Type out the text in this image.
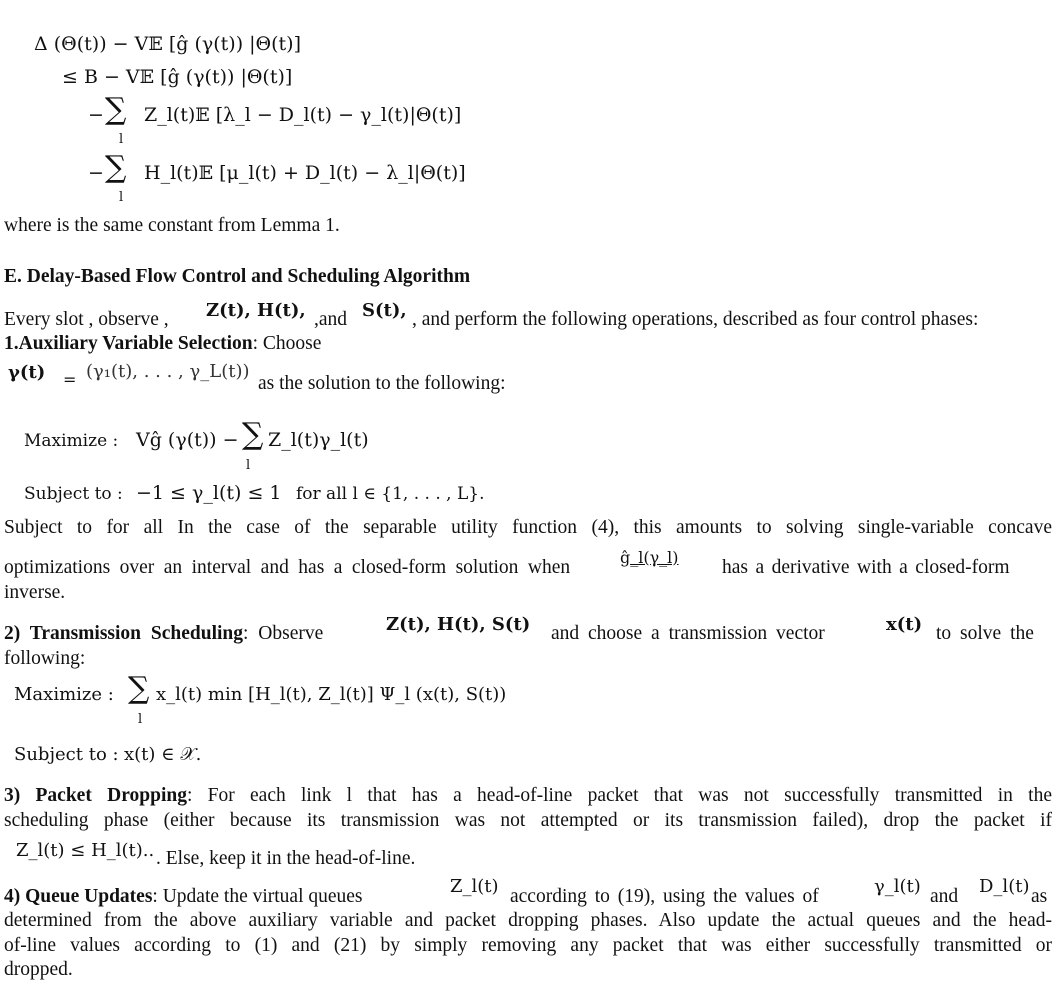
Δ (Θ(t)) − V𝔼 [ĝ (γ(t)) |Θ(t)]
≤ B − V𝔼 [ĝ (γ(t)) |Θ(t)]
− ∑
l
Z_l(t)𝔼 [λ_l − D_l(t) − γ_l(t)|Θ(t)]
− ∑
l
H_l(t)𝔼 [μ_l(t) + D_l(t) − λ_l|Θ(t)]
where is the same constant from Lemma 1.
E. Delay-Based Flow Control and Scheduling Algorithm
Every slot , observe , Z(t), H(t), ,and S(t), , and perform the following operations, described as four control phases:
1.Auxiliary Variable Selection: Choose
γ(t) = (γ₁(t), . . . , γ_L(t))
as the solution to the following:
Maximize : Vĝ (γ(t)) − ∑
l
Z_l(t)γ_l(t)
Subject to : −1 ≤ γ_l(t) ≤ 1 for all l ∈ {1, . . . , L}.
Subject to for all In the case of the separable utility function (4), this amounts to solving single-variable concave
optimizations over an interval and has a closed-form solution when	ĝ_l(γ_l) has a derivative with a closed-form
inverse.
2) Transmission Scheduling: Observe	Z(t), H(t), S(t) and choose a transmission vector	x(t) to solve the
following:
Maximize : ∑
l
x_l(t) min [H_l(t), Z_l(t)] Ψ_l (x(t), S(t))
Subject to : x(t) ∈ 𝒳.
3) Packet Dropping: For each link l that has a head-of-line packet that was not successfully transmitted in the
scheduling phase (either because its transmission was not attempted or its transmission failed), drop the packet if
Z_l(t) ≤ H_l(t).. . Else, keep it in the head-of-line.
4) Queue Updates: Update the virtual queues	Z_l(t) according to (19), using the values of	γ_l(t) and D_l(t) as
determined from the above auxiliary variable and packet dropping phases. Also update the actual queues and the head-
of-line values according to (1) and (21) by simply removing any packet that was either successfully transmitted or
dropped.
